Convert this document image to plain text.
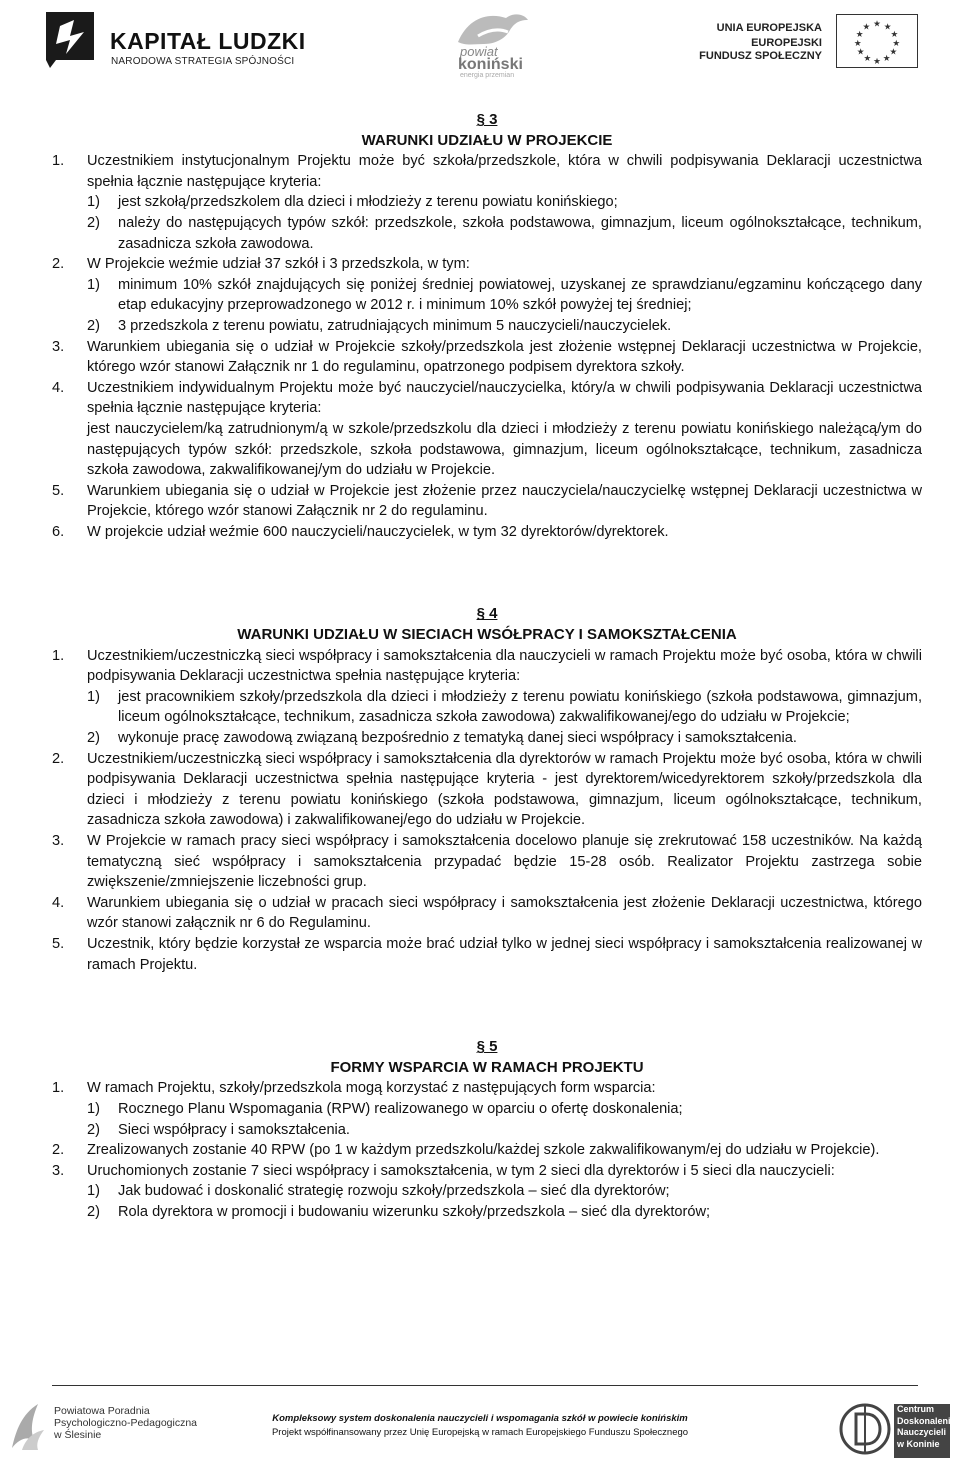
KAPITAŁ LUDZKI
NARODOWA STRATEGIA SPÓJNOŚCI
powiat
koniński
energia przemian
UNIA EUROPEJSKA
EUROPEJSKI
FUNDUSZ SPOŁECZNY
★ ★
★
★
★
★
★
★
★
★
★
★
§ 3
WARUNKI UDZIAŁU W PROJEKCIE
1. Uczestnikiem instytucjonalnym Projektu może być szkoła/przedszkole, która w chwili podpisywania Deklaracji uczestnictwa spełnia łącznie następujące kryteria:
1) jest szkołą/przedszkolem dla dzieci i młodzieży z terenu powiatu konińskiego;
2) należy do następujących typów szkół: przedszkole, szkoła podstawowa, gimnazjum, liceum ogólnokształcące, technikum, zasadnicza szkoła zawodowa.
2. W Projekcie weźmie udział 37 szkół i 3 przedszkola, w tym:
1) minimum 10% szkół znajdujących się poniżej średniej powiatowej, uzyskanej ze sprawdzianu/egzaminu kończącego dany etap edukacyjny przeprowadzonego w 2012 r. i minimum 10% szkół powyżej tej średniej;
2) 3 przedszkola z terenu powiatu, zatrudniających minimum 5 nauczycieli/nauczycielek.
3. Warunkiem ubiegania się o udział w Projekcie szkoły/przedszkola jest złożenie wstępnej Deklaracji uczestnictwa w Projekcie, którego wzór stanowi Załącznik nr 1 do regulaminu, opatrzonego podpisem dyrektora szkoły.
4. Uczestnikiem indywidualnym Projektu może być nauczyciel/nauczycielka, który/a w chwili podpisywania Deklaracji uczestnictwa spełnia łącznie następujące kryteria:
jest nauczycielem/ką zatrudnionym/ą w szkole/przedszkolu dla dzieci i młodzieży z terenu powiatu konińskiego należącą/ym do następujących typów szkół: przedszkole, szkoła podstawowa, gimnazjum, liceum ogólnokształcące, technikum, zasadnicza szkoła zawodowa, zakwalifikowanej/ym do udziału w Projekcie.
5. Warunkiem ubiegania się o udział w Projekcie jest złożenie przez nauczyciela/nauczycielkę wstępnej Deklaracji uczestnictwa w Projekcie, którego wzór stanowi Załącznik nr 2 do regulaminu.
6. W projekcie udział weźmie 600 nauczycieli/nauczycielek, w tym 32 dyrektorów/dyrektorek.
§ 4
WARUNKI UDZIAŁU W SIECIACH WSÓŁPRACY I SAMOKSZTAŁCENIA
1. Uczestnikiem/uczestniczką sieci współpracy i samokształcenia dla nauczycieli w ramach Projektu może być osoba, która w chwili podpisywania Deklaracji uczestnictwa spełnia następujące kryteria:
1) jest pracownikiem szkoły/przedszkola dla dzieci i młodzieży z terenu powiatu konińskiego (szkoła podstawowa, gimnazjum, liceum ogólnokształcące, technikum, zasadnicza szkoła zawodowa) zakwalifikowanej/ego do udziału w Projekcie;
2) wykonuje pracę zawodową związaną bezpośrednio z tematyką danej sieci współpracy i samokształcenia.
2. Uczestnikiem/uczestniczką sieci współpracy i samokształcenia dla dyrektorów w ramach Projektu może być osoba, która w chwili podpisywania Deklaracji uczestnictwa spełnia następujące kryteria - jest dyrektorem/wicedyrektorem szkoły/przedszkola dla dzieci i młodzieży z terenu powiatu konińskiego (szkoła podstawowa, gimnazjum, liceum ogólnokształcące, technikum, zasadnicza szkoła zawodowa) i zakwalifikowanej/ego do udziału w Projekcie.
3. W Projekcie w ramach pracy sieci współpracy i samokształcenia docelowo planuje się zrekrutować 158 uczestników. Na każdą tematyczną sieć współpracy i samokształcenia przypadać będzie 15-28 osób. Realizator Projektu zastrzega sobie zwiększenie/zmniejszenie liczebności grup.
4. Warunkiem ubiegania się o udział w pracach sieci współpracy i samokształcenia jest złożenie Deklaracji uczestnictwa, którego wzór stanowi załącznik nr 6 do Regulaminu.
5. Uczestnik, który będzie korzystał ze wsparcia może brać udział tylko w jednej sieci współpracy i samokształcenia realizowanej w ramach Projektu.
§ 5
FORMY WSPARCIA W RAMACH PROJEKTU
1. W ramach Projektu, szkoły/przedszkola mogą korzystać z następujących form wsparcia:
1) Rocznego Planu Wspomagania (RPW) realizowanego w oparciu o ofertę doskonalenia;
2) Sieci współpracy i samokształcenia.
2. Zrealizowanych zostanie 40 RPW (po 1 w każdym przedszkolu/każdej szkole zakwalifikowanym/ej do udziału w Projekcie).
3. Uruchomionych zostanie 7 sieci współpracy i samokształcenia, w tym 2 sieci dla dyrektorów i 5 sieci dla nauczycieli:
1) Jak budować i doskonalić strategię rozwoju szkoły/przedszkola – sieć dla dyrektorów;
2) Rola dyrektora w promocji i budowaniu wizerunku szkoły/przedszkola – sieć dla dyrektorów;
Powiatowa Poradnia
Psychologiczno-Pedagogiczna
w Ślesinie
Kompleksowy system doskonalenia nauczycieli i wspomagania szkół w powiecie konińskim
Projekt współfinansowany przez Unię Europejską w ramach Europejskiego Funduszu Społecznego
Centrum
Doskonalenia
Nauczycieli
w Koninie
